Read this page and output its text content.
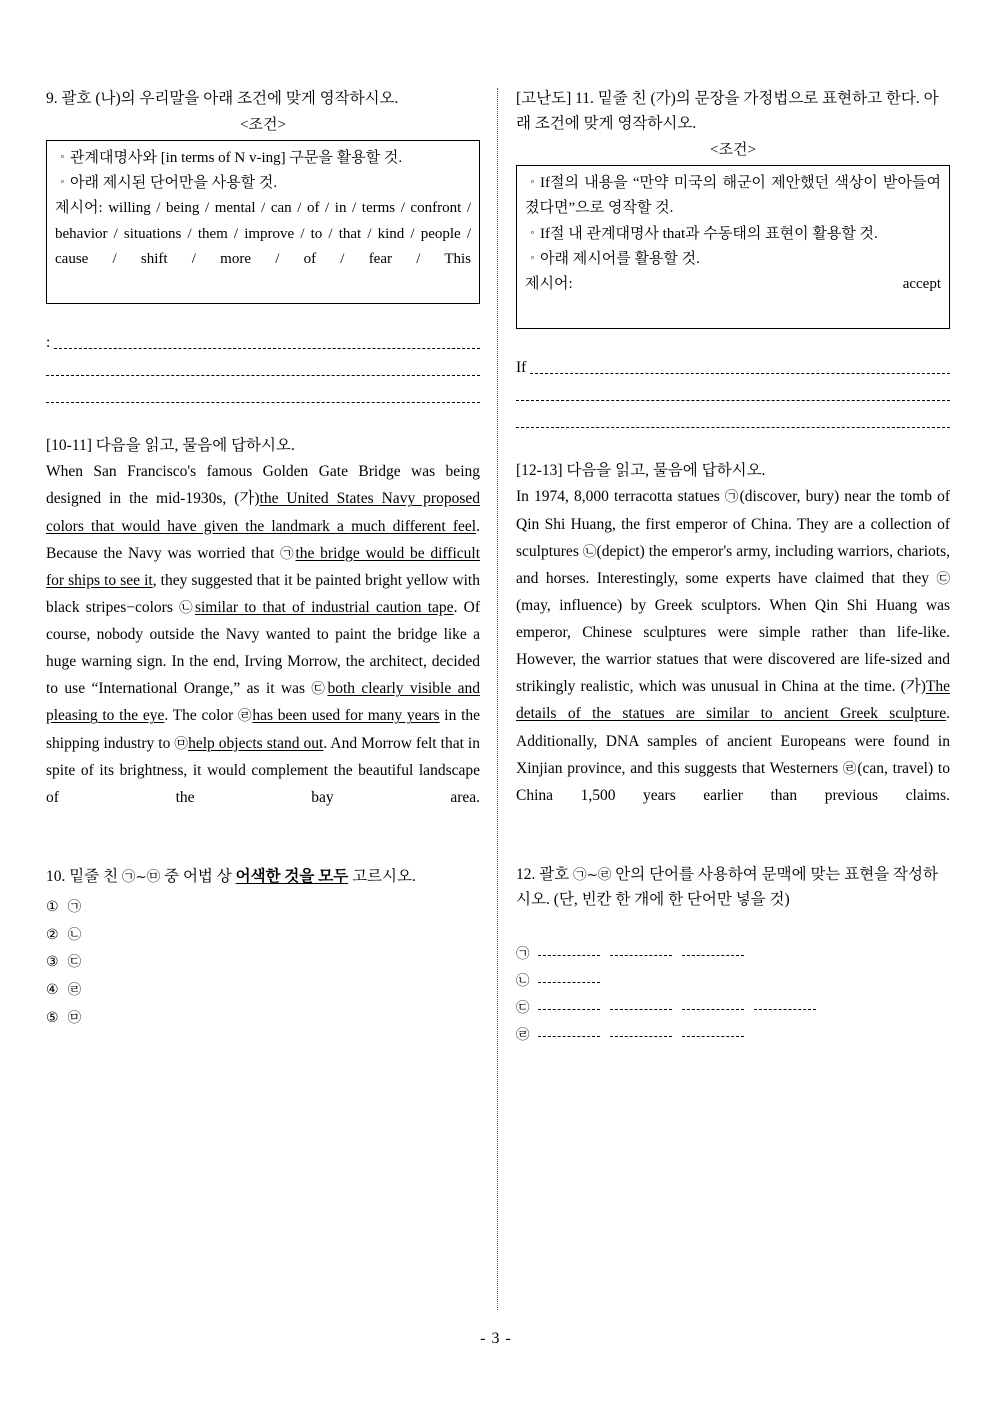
9. 괄호 (나)의 우리말을 아래 조건에 맞게 영작하시오.
<조건>
◦ 관계대명사와 [in terms of N v-ing] 구문을 활용할 것.
◦ 아래 제시된 단어만을 사용할 것.
제시어: willing / being / mental / can / of / in / terms / confront / behavior / situations / them / improve / to / that / kind / people / cause / shift / more / of / fear / This
:
[10-11] 다음을 읽고, 물음에 답하시오.
When San Francisco's famous Golden Gate Bridge was being designed in the mid-1930s, (가)the United States Navy proposed colors that would have given the landmark a much different feel. Because the Navy was worried that ㉠the bridge would be difficult for ships to see it, they suggested that it be painted bright yellow with black stripes−colors ㉡similar to that of industrial caution tape. Of course, nobody outside the Navy wanted to paint the bridge like a huge warning sign. In the end, Irving Morrow, the architect, decided to use “International Orange,” as it was ㉢both clearly visible and pleasing to the eye. The color ㉣has been used for many years in the shipping industry to ㉤help objects stand out. And Morrow felt that in spite of its brightness, it would complement the beautiful landscape of the bay area.
10. 밑줄 친 ㉠~㉤ 중 어법 상 어색한 것을 모두 고르시오.
① ㉠
② ㉡
③ ㉢
④ ㉣
⑤ ㉤
[고난도] 11. 밑줄 친 (가)의 문장을 가정법으로 표현하고 한다. 아래 조건에 맞게 영작하시오.
<조건>
◦ If절의 내용을 “만약 미국의 해군이 제안했던 색상이 받아들여 졌다면”으로 영작할 것.
◦ If절 내 관계대명사 that과 수동태의 표현이 활용할 것.
◦ 아래 제시어를 활용할 것.
제시어:	accept
If
[12-13] 다음을 읽고, 물음에 답하시오.
In 1974, 8,000 terracotta statues ㉠(discover, bury) near the tomb of Qin Shi Huang, the first emperor of China. They are a collection of sculptures ㉡(depict) the emperor's army, including warriors, chariots, and horses. Interestingly, some experts have claimed that they ㉢(may, influence) by Greek sculptors. When Qin Shi Huang was emperor, Chinese sculptures were simple rather than life-like. However, the warrior statues that were discovered are life-sized and strikingly realistic, which was unusual in China at the time. (가)The details of the statues are similar to ancient Greek sculpture. Additionally, DNA samples of ancient Europeans were found in Xinjian province, and this suggests that Westerners ㉣(can, travel) to China 1,500 years earlier than previous claims.
12. 괄호 ㉠~㉣ 안의 단어를 사용하여 문맥에 맞는 표현을 작성하시오. (단, 빈칸 한 개에 한 단어만 넣을 것)
㉠
㉡
㉢
㉣
- 3 -
